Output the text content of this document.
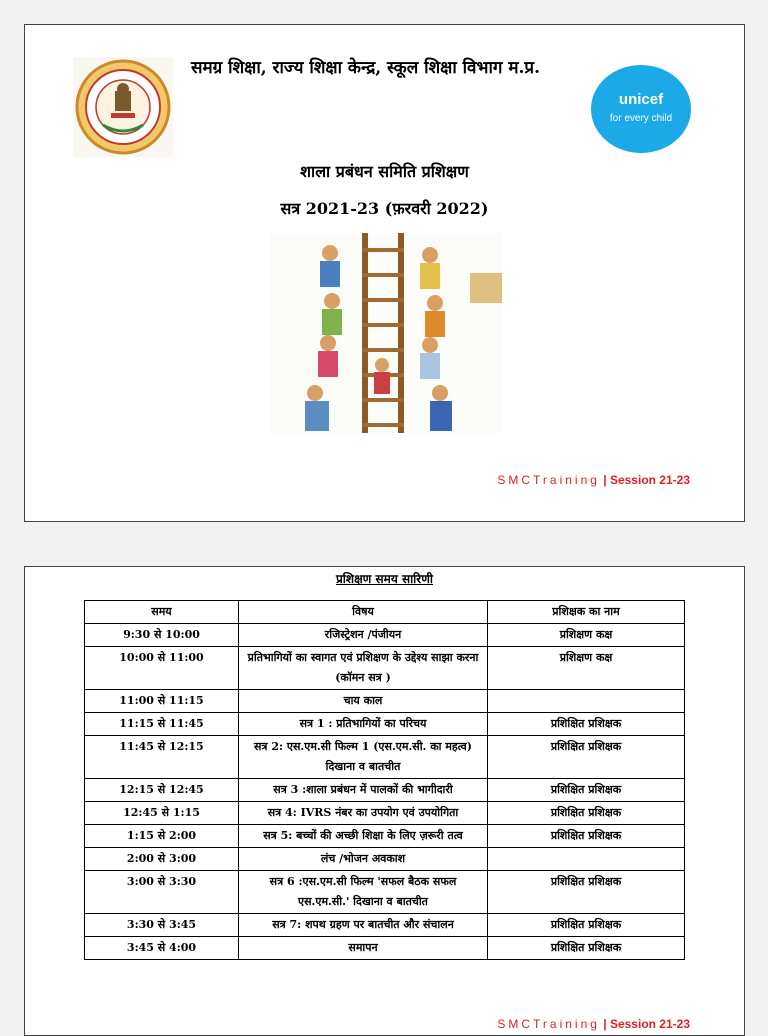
समग्र शिक्षा, राज्य शिक्षा केन्द्र, स्कूल शिक्षा विभाग म.प्र.
unicef
for every child
शाला प्रबंधन समिति प्रशिक्षण
सत्र 2021-23 (फ़रवरी 2022)
SMCTraining | Session 21-23
प्रशिक्षण समय सारिणी
समय	विषय	प्रशिक्षक का नाम
9:30 से 10:00	रजिस्ट्रेशन /पंजीयन	प्रशिक्षण कक्ष
10:00 से 11:00	प्रतिभागियों का स्वागत एवं प्रशिक्षण के उद्देश्य साझा करना (कॉमन सत्र )	प्रशिक्षण कक्ष
11:00 से 11:15	चाय काल	
11:15 से 11:45	सत्र 1 : प्रतिभागियों का परिचय	प्रशिक्षित प्रशिक्षक
11:45 से 12:15	सत्र 2: एस.एम.सी फिल्म 1 (एस.एम.सी. का महत्व) दिखाना व बातचीत	प्रशिक्षित प्रशिक्षक
12:15 से 12:45	सत्र 3 :शाला प्रबंधन में पालकों की भागीदारी	प्रशिक्षित प्रशिक्षक
12:45 से 1:15	सत्र 4: IVRS नंबर का उपयोग एवं उपयोगिता	प्रशिक्षित प्रशिक्षक
1:15 से 2:00	सत्र 5: बच्चों की अच्छी शिक्षा के लिए ज़रूरी तत्व	प्रशिक्षित प्रशिक्षक
2:00 से 3:00	लंच /भोजन अवकाश	
3:00 से 3:30	सत्र 6 :एस.एम.सी फिल्म 'सफल बैठक सफल एस.एम.सी.' दिखाना व बातचीत	प्रशिक्षित प्रशिक्षक
3:30 से 3:45	सत्र 7: शपथ ग्रहण पर बातचीत और संचालन	प्रशिक्षित प्रशिक्षक
3:45 से 4:00	समापन	प्रशिक्षित प्रशिक्षक
SMCTraining | Session 21-23
